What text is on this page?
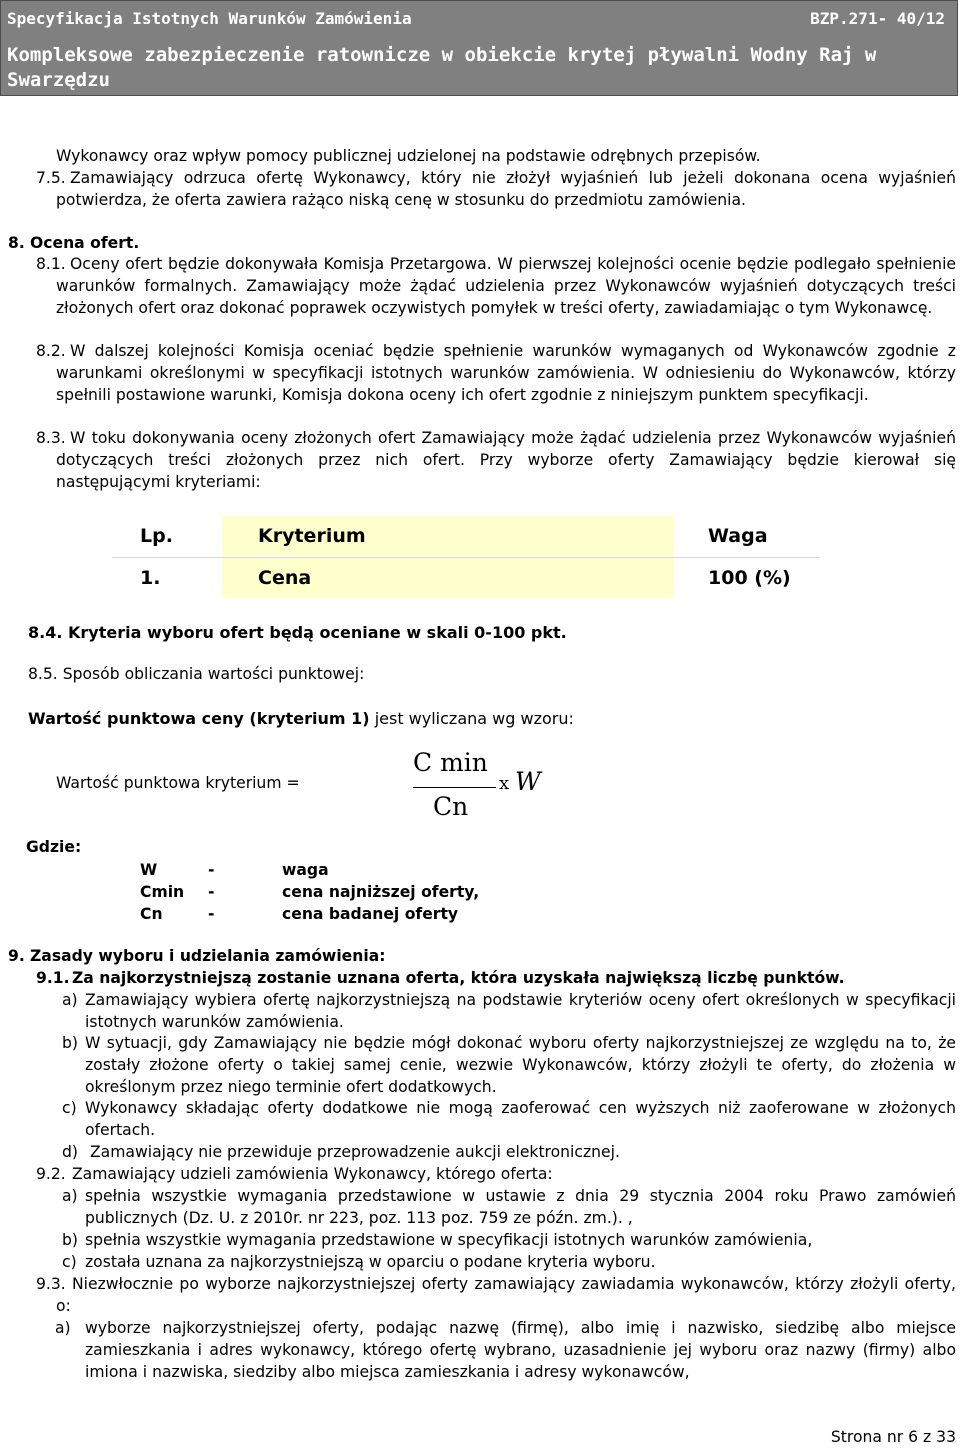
Specyfikacja Istotnych Warunków Zamówienia	BZP.271- 40/12
Kompleksowe zabezpieczenie ratownicze w obiekcie krytej pływalni Wodny Raj w Swarzędzu
Wykonawcy oraz wpływ pomocy publicznej udzielonej na podstawie odrębnych przepisów.
7.5. Zamawiający odrzuca ofertę Wykonawcy, który nie złożył wyjaśnień lub jeżeli dokonana ocena wyjaśnień potwierdza, że oferta zawiera rażąco niską cenę w stosunku do przedmiotu zamówienia.
8. Ocena ofert.
8.1. Oceny ofert będzie dokonywała Komisja Przetargowa. W pierwszej kolejności ocenie będzie podlegało spełnienie warunków formalnych. Zamawiający może żądać udzielenia przez Wykonawców wyjaśnień dotyczących treści złożonych ofert oraz dokonać poprawek oczywistych pomyłek w treści oferty, zawiadamiając o tym Wykonawcę.
8.2. W dalszej kolejności Komisja oceniać będzie spełnienie warunków wymaganych od Wykonawców zgodnie z warunkami określonymi w specyfikacji istotnych warunków zamówienia. W odniesieniu do Wykonawców, którzy spełnili postawione warunki, Komisja dokona oceny ich ofert zgodnie z niniejszym punktem specyfikacji.
8.3. W toku dokonywania oceny złożonych ofert Zamawiający może żądać udzielenia przez Wykonawców wyjaśnień dotyczących treści złożonych przez nich ofert. Przy wyborze oferty Zamawiający będzie kierował się następującymi kryteriami:
Lp.	Kryterium	Waga
1.	Cena	100 (%)
8.4. Kryteria wyboru ofert będą oceniane w skali 0-100 pkt.
8.5. Sposób obliczania wartości punktowej:
Wartość punktowa ceny (kryterium 1) jest wyliczana wg wzoru:
Wartość punktowa kryterium =
C min
Cn
x W
Gdzie:
W	-	waga
Cmin -	cena najniższej oferty,
Cn	-	cena badanej oferty
9. Zasady wyboru i udzielania zamówienia:
9.1. Za najkorzystniejszą zostanie uznana oferta, która uzyskała największą liczbę punktów.
a) Zamawiający wybiera ofertę najkorzystniejszą na podstawie kryteriów oceny ofert określonych w specyfikacji istotnych warunków zamówienia.
b) W sytuacji, gdy Zamawiający nie będzie mógł dokonać wyboru oferty najkorzystniejszej ze względu na to, że zostały złożone oferty o takiej samej cenie, wezwie Wykonawców, którzy złożyli te oferty, do złożenia w określonym przez niego terminie ofert dodatkowych.
c) Wykonawcy składając oferty dodatkowe nie mogą zaoferować cen wyższych niż zaoferowane w złożonych ofertach.
d) Zamawiający nie przewiduje przeprowadzenie aukcji elektronicznej.
9.2. Zamawiający udzieli zamówienia Wykonawcy, którego oferta:
a) spełnia wszystkie wymagania przedstawione w ustawie z dnia 29 stycznia 2004 roku Prawo zamówień publicznych (Dz. U. z 2010r. nr 223, poz. 113 poz. 759 ze późn. zm.). ,
b) spełnia wszystkie wymagania przedstawione w specyfikacji istotnych warunków zamówienia,
c) została uznana za najkorzystniejszą w oparciu o podane kryteria wyboru.
9.3. Niezwłocznie po wyborze najkorzystniejszej oferty zamawiający zawiadamia wykonawców, którzy złożyli oferty, o:
a) wyborze najkorzystniejszej oferty, podając nazwę (firmę), albo imię i nazwisko, siedzibę albo miejsce zamieszkania i adres wykonawcy, którego ofertę wybrano, uzasadnienie jej wyboru oraz nazwy (firmy) albo imiona i nazwiska, siedziby albo miejsca zamieszkania i adresy wykonawców,
Strona nr 6 z 33
